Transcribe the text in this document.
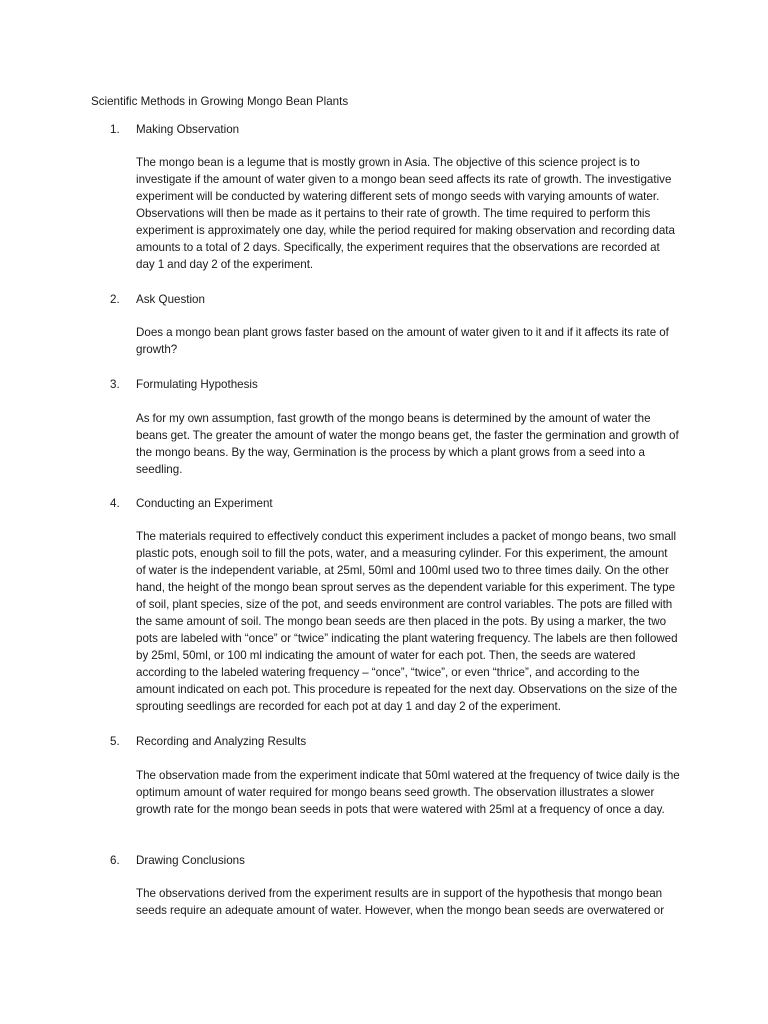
Scientific Methods in Growing Mongo Bean Plants
1.	Making Observation
The mongo bean is a legume that is mostly grown in Asia. The objective of this science project is to investigate if the amount of water given to a mongo bean seed affects its rate of growth. The investigative experiment will be conducted by watering different sets of mongo seeds with varying amounts of water. Observations will then be made as it pertains to their rate of growth. The time required to perform this experiment is approximately one day, while the period required for making observation and recording data amounts to a total of 2 days. Specifically, the experiment requires that the observations are recorded at day 1 and day 2 of the experiment.
2.	Ask Question
Does a mongo bean plant grows faster based on the amount of water given to it and if it affects its rate of growth?
3.	Formulating Hypothesis
As for my own assumption, fast growth of the mongo beans is determined by the amount of water the beans get. The greater the amount of water the mongo beans get, the faster the germination and growth of the mongo beans. By the way, Germination is the process by which a plant grows from a seed into a seedling.
4.	Conducting an Experiment
The materials required to effectively conduct this experiment includes a packet of mongo beans, two small plastic pots, enough soil to fill the pots, water, and a measuring cylinder. For this experiment, the amount of water is the independent variable, at 25ml, 50ml and 100ml used two to three times daily. On the other hand, the height of the mongo bean sprout serves as the dependent variable for this experiment. The type of soil, plant species, size of the pot, and seeds environment are control variables. The pots are filled with the same amount of soil. The mongo bean seeds are then placed in the pots. By using a marker, the two pots are labeled with “once” or “twice” indicating the plant watering frequency. The labels are then followed by 25ml, 50ml, or 100 ml indicating the amount of water for each pot. Then, the seeds are watered according to the labeled watering frequency – “once”, “twice”, or even “thrice”, and according to the amount indicated on each pot. This procedure is repeated for the next day. Observations on the size of the sprouting seedlings are recorded for each pot at day 1 and day 2 of the experiment.
5.	Recording and Analyzing Results
The observation made from the experiment indicate that 50ml watered at the frequency of twice daily is the optimum amount of water required for mongo beans seed growth. The observation illustrates a slower growth rate for the mongo bean seeds in pots that were watered with 25ml at a frequency of once a day.
6.	Drawing Conclusions
The observations derived from the experiment results are in support of the hypothesis that mongo bean seeds require an adequate amount of water. However, when the mongo bean seeds are overwatered or
